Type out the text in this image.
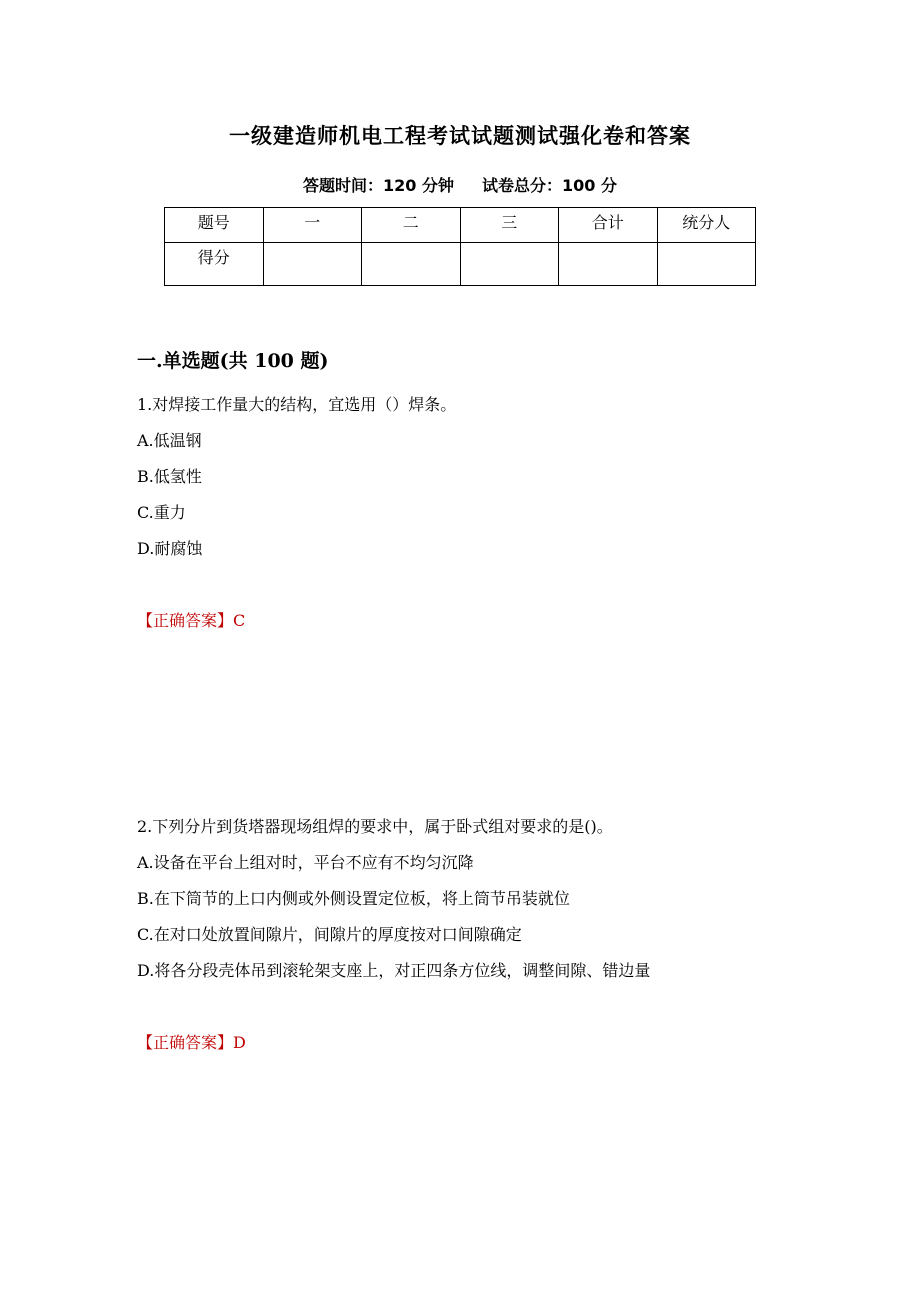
一级建造师机电工程考试试题测试强化卷和答案
答题时间：120 分钟 试卷总分：100 分
题号	一	二	三	合计	统分人
得分					
一.单选题(共 100 题)
1.对焊接工作量大的结构，宜选用（）焊条。
A.低温钢
B.低氢性
C.重力
D.耐腐蚀
【正确答案】C
2.下列分片到货塔器现场组焊的要求中，属于卧式组对要求的是()。
A.设备在平台上组对时，平台不应有不均匀沉降
B.在下筒节的上口内侧或外侧设置定位板，将上筒节吊装就位
C.在对口处放置间隙片，间隙片的厚度按对口间隙确定
D.将各分段壳体吊到滚轮架支座上，对正四条方位线，调整间隙、错边量
【正确答案】D
